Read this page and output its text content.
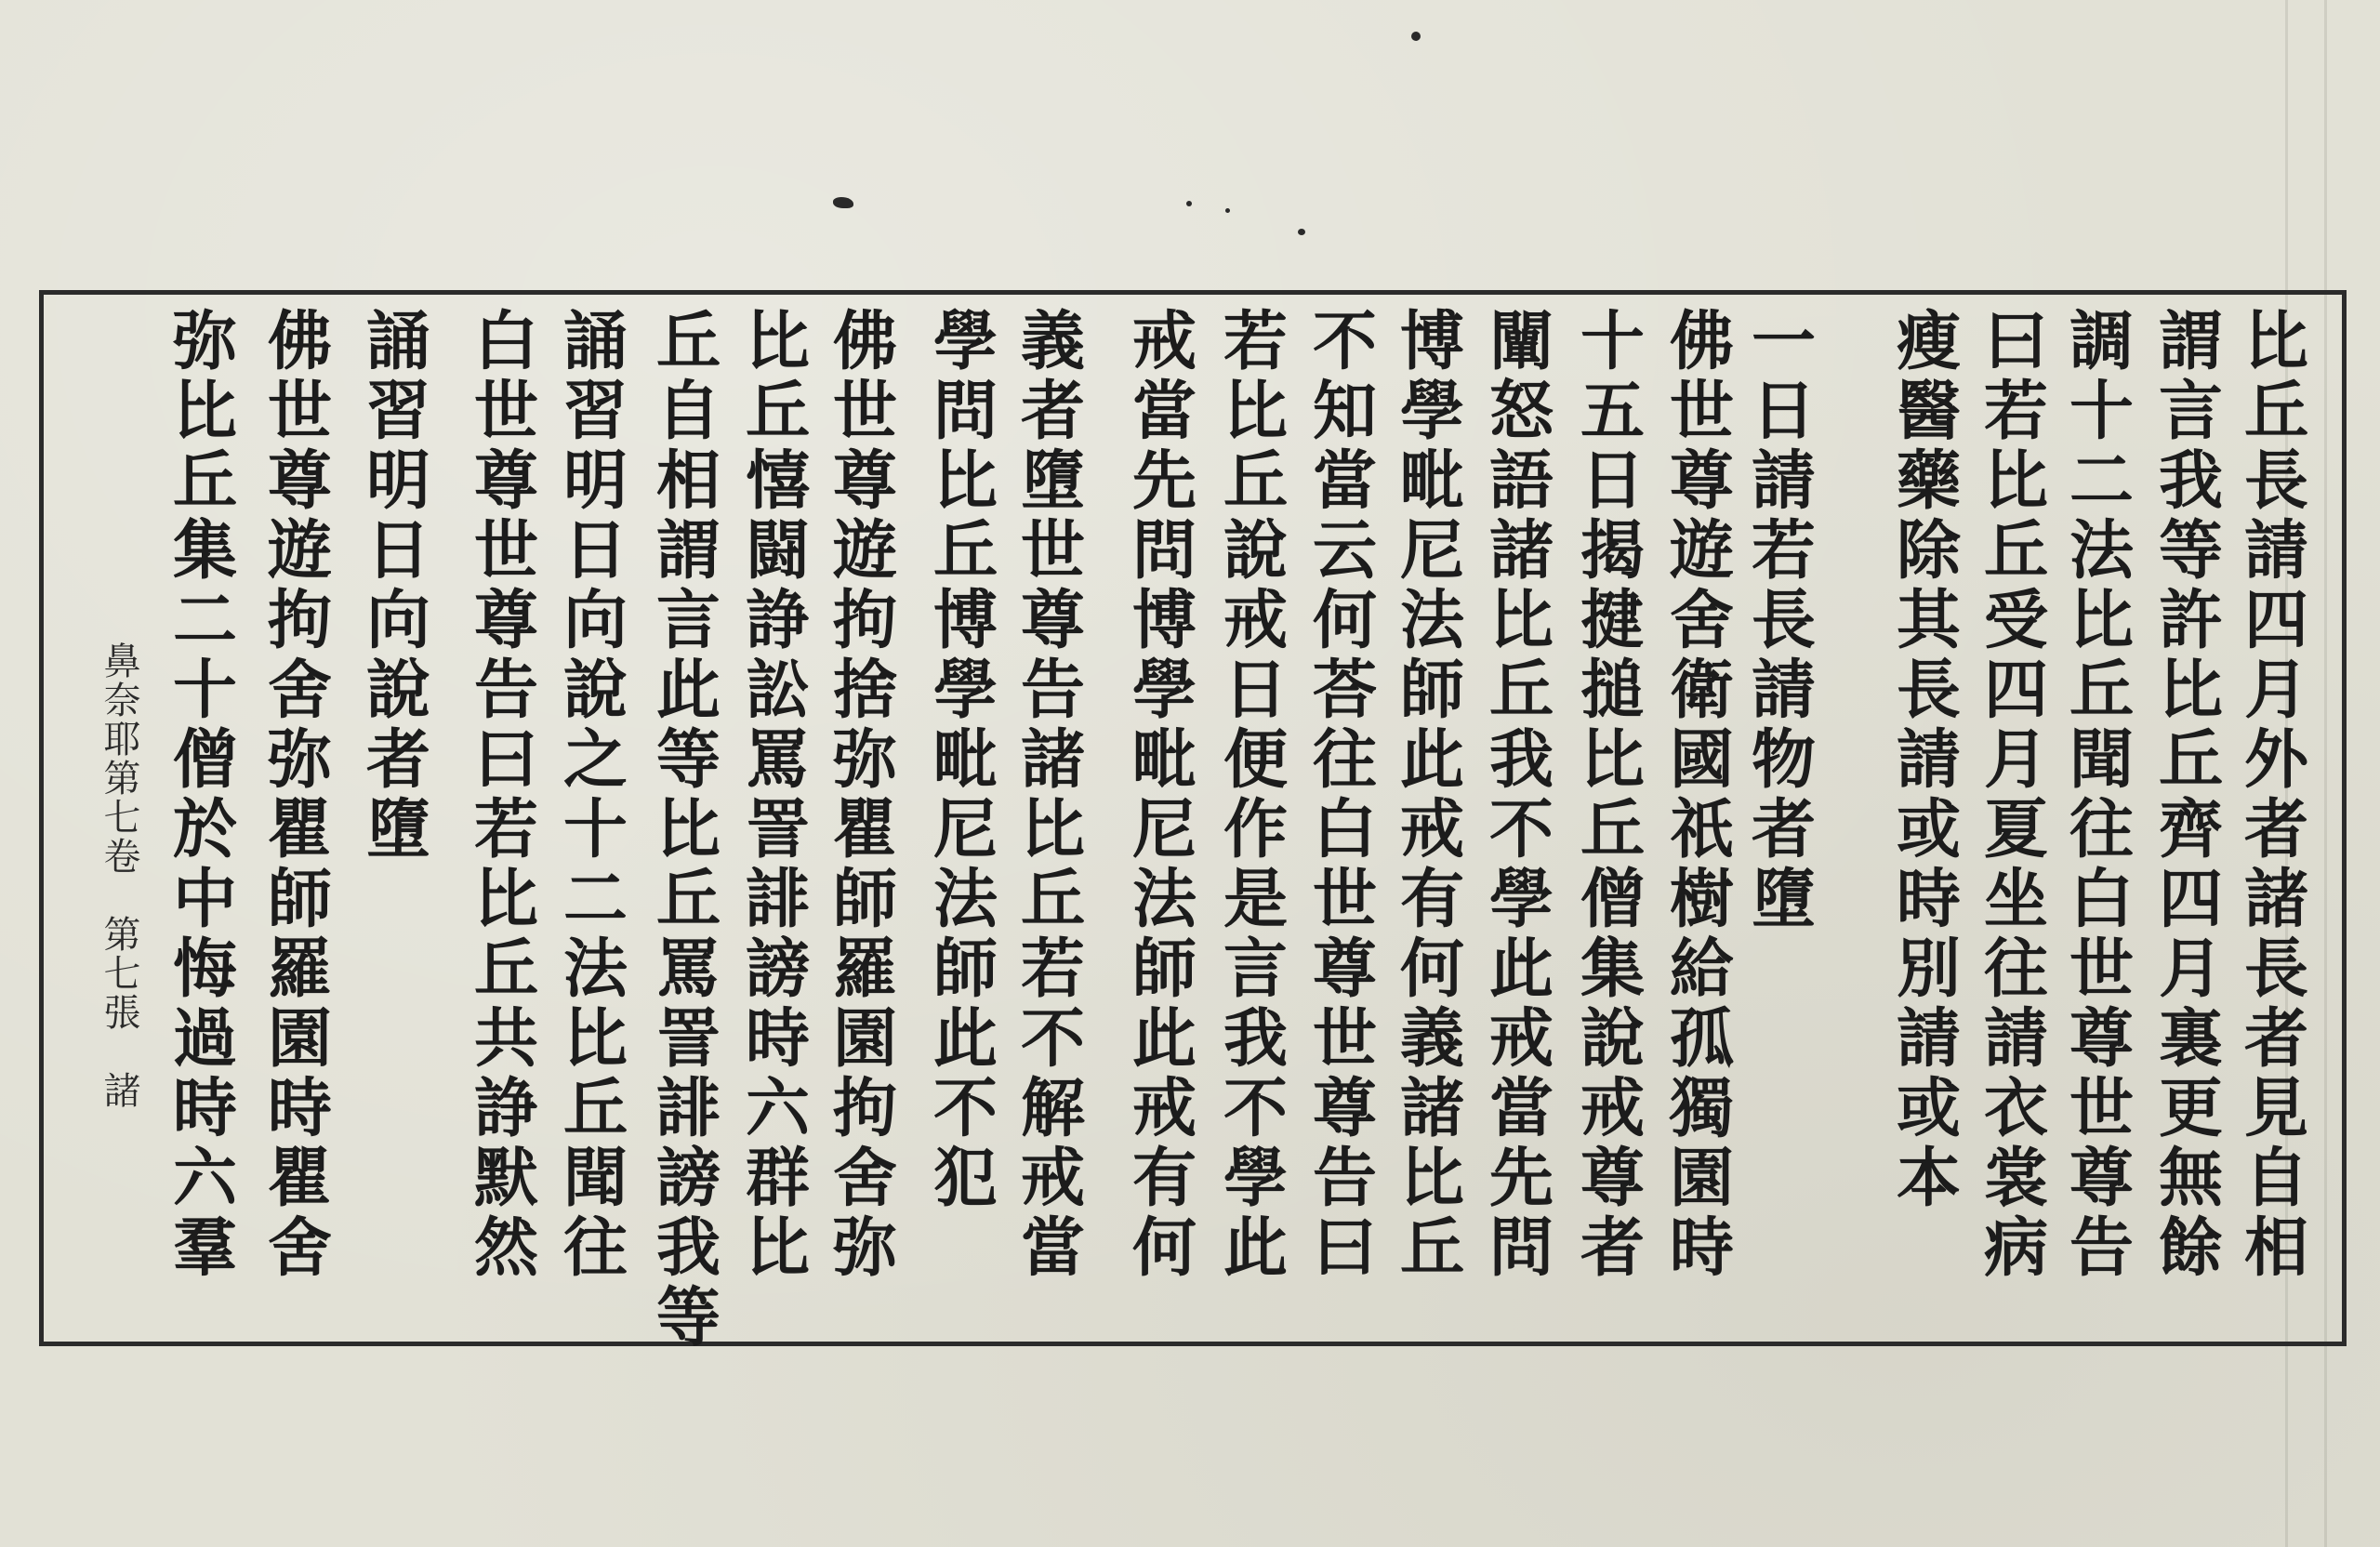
比丘長請四月外者諸長者見自相
謂言我等許比丘齊四月裏更無餘
調十二法比丘聞往白世尊世尊告
曰若比丘受四月夏坐往請衣裳病
瘦醫藥除其長請或時別請或本
一日請若長請物者墮
佛世尊遊舍衛國祇樹給孤獨園時
十五日揭揵搥比丘僧集說戒尊者
闡怒語諸比丘我不學此戒當先問
博學毗尼法師此戒有何義諸比丘
不知當云何荅往白世尊世尊告曰
若比丘說戒日便作是言我不學此
戒當先問博學毗尼法師此戒有何
義者墮世尊告諸比丘若不解戒當
學問比丘博學毗尼法師此不犯
佛世尊遊拘捨弥瞿師羅園拘舍弥
比丘憘闘諍訟罵詈誹謗時六群比
丘自相謂言此等比丘罵詈誹謗我等
誦習明日向說之十二法比丘聞往
白世尊世尊告曰若比丘共諍默然
誦習明日向說者墮
佛世尊遊拘舍弥瞿師羅園時瞿舍
弥比丘集二十僧於中悔過時六羣
鼻奈耶第七卷　第七張　諸
